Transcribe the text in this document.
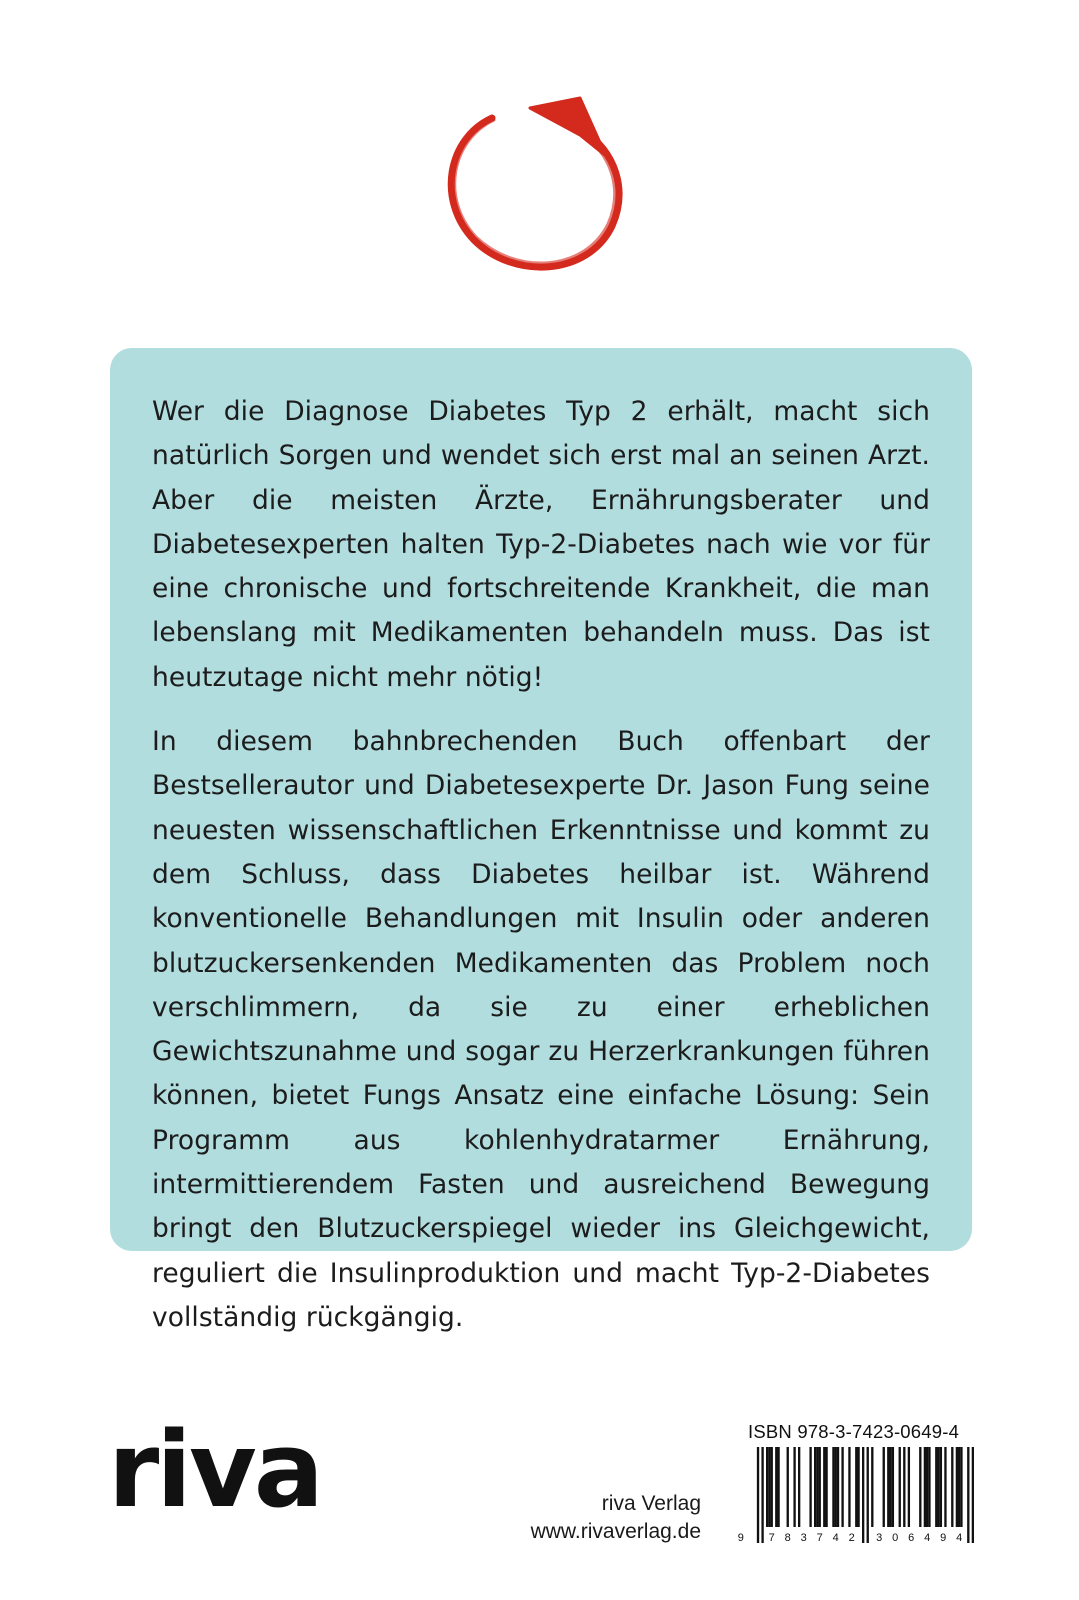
Wer die Diagnose Diabetes Typ 2 erhält, macht sich natürlich Sorgen und wendet sich erst mal an seinen Arzt. Aber die meisten Ärzte, Ernährungsberater und Diabetesexperten halten Typ-2-Diabetes nach wie vor für eine chronische und fortschreitende Krankheit, die man lebenslang mit Medikamenten behandeln muss. Das ist heutzutage nicht mehr nötig!

In diesem bahnbrechenden Buch offenbart der Bestsellerautor und Diabetesexperte Dr. Jason Fung seine neuesten wissenschaftlichen Erkenntnisse und kommt zu dem Schluss, dass Diabetes heilbar ist. Während konventionelle Behandlungen mit Insulin oder anderen blutzuckersenkenden Medikamenten das Problem noch verschlimmern, da sie zu einer erheblichen Gewichtszunahme und sogar zu Herzerkrankungen führen können, bietet Fungs Ansatz eine einfache Lösung: Sein Programm aus kohlenhydratarmer Ernährung, intermittierendem Fasten und ausreichend Bewegung bringt den Blutzuckerspiegel wieder ins Gleichgewicht, reguliert die Insulinproduktion und macht Typ-2-Diabetes vollständig rückgängig.

riva	riva Verlag
www.rivaverlag.de
ISBN 978-3-7423-0649-4
9 7 8 3 7 4 2 3 0 6 4 9 4
